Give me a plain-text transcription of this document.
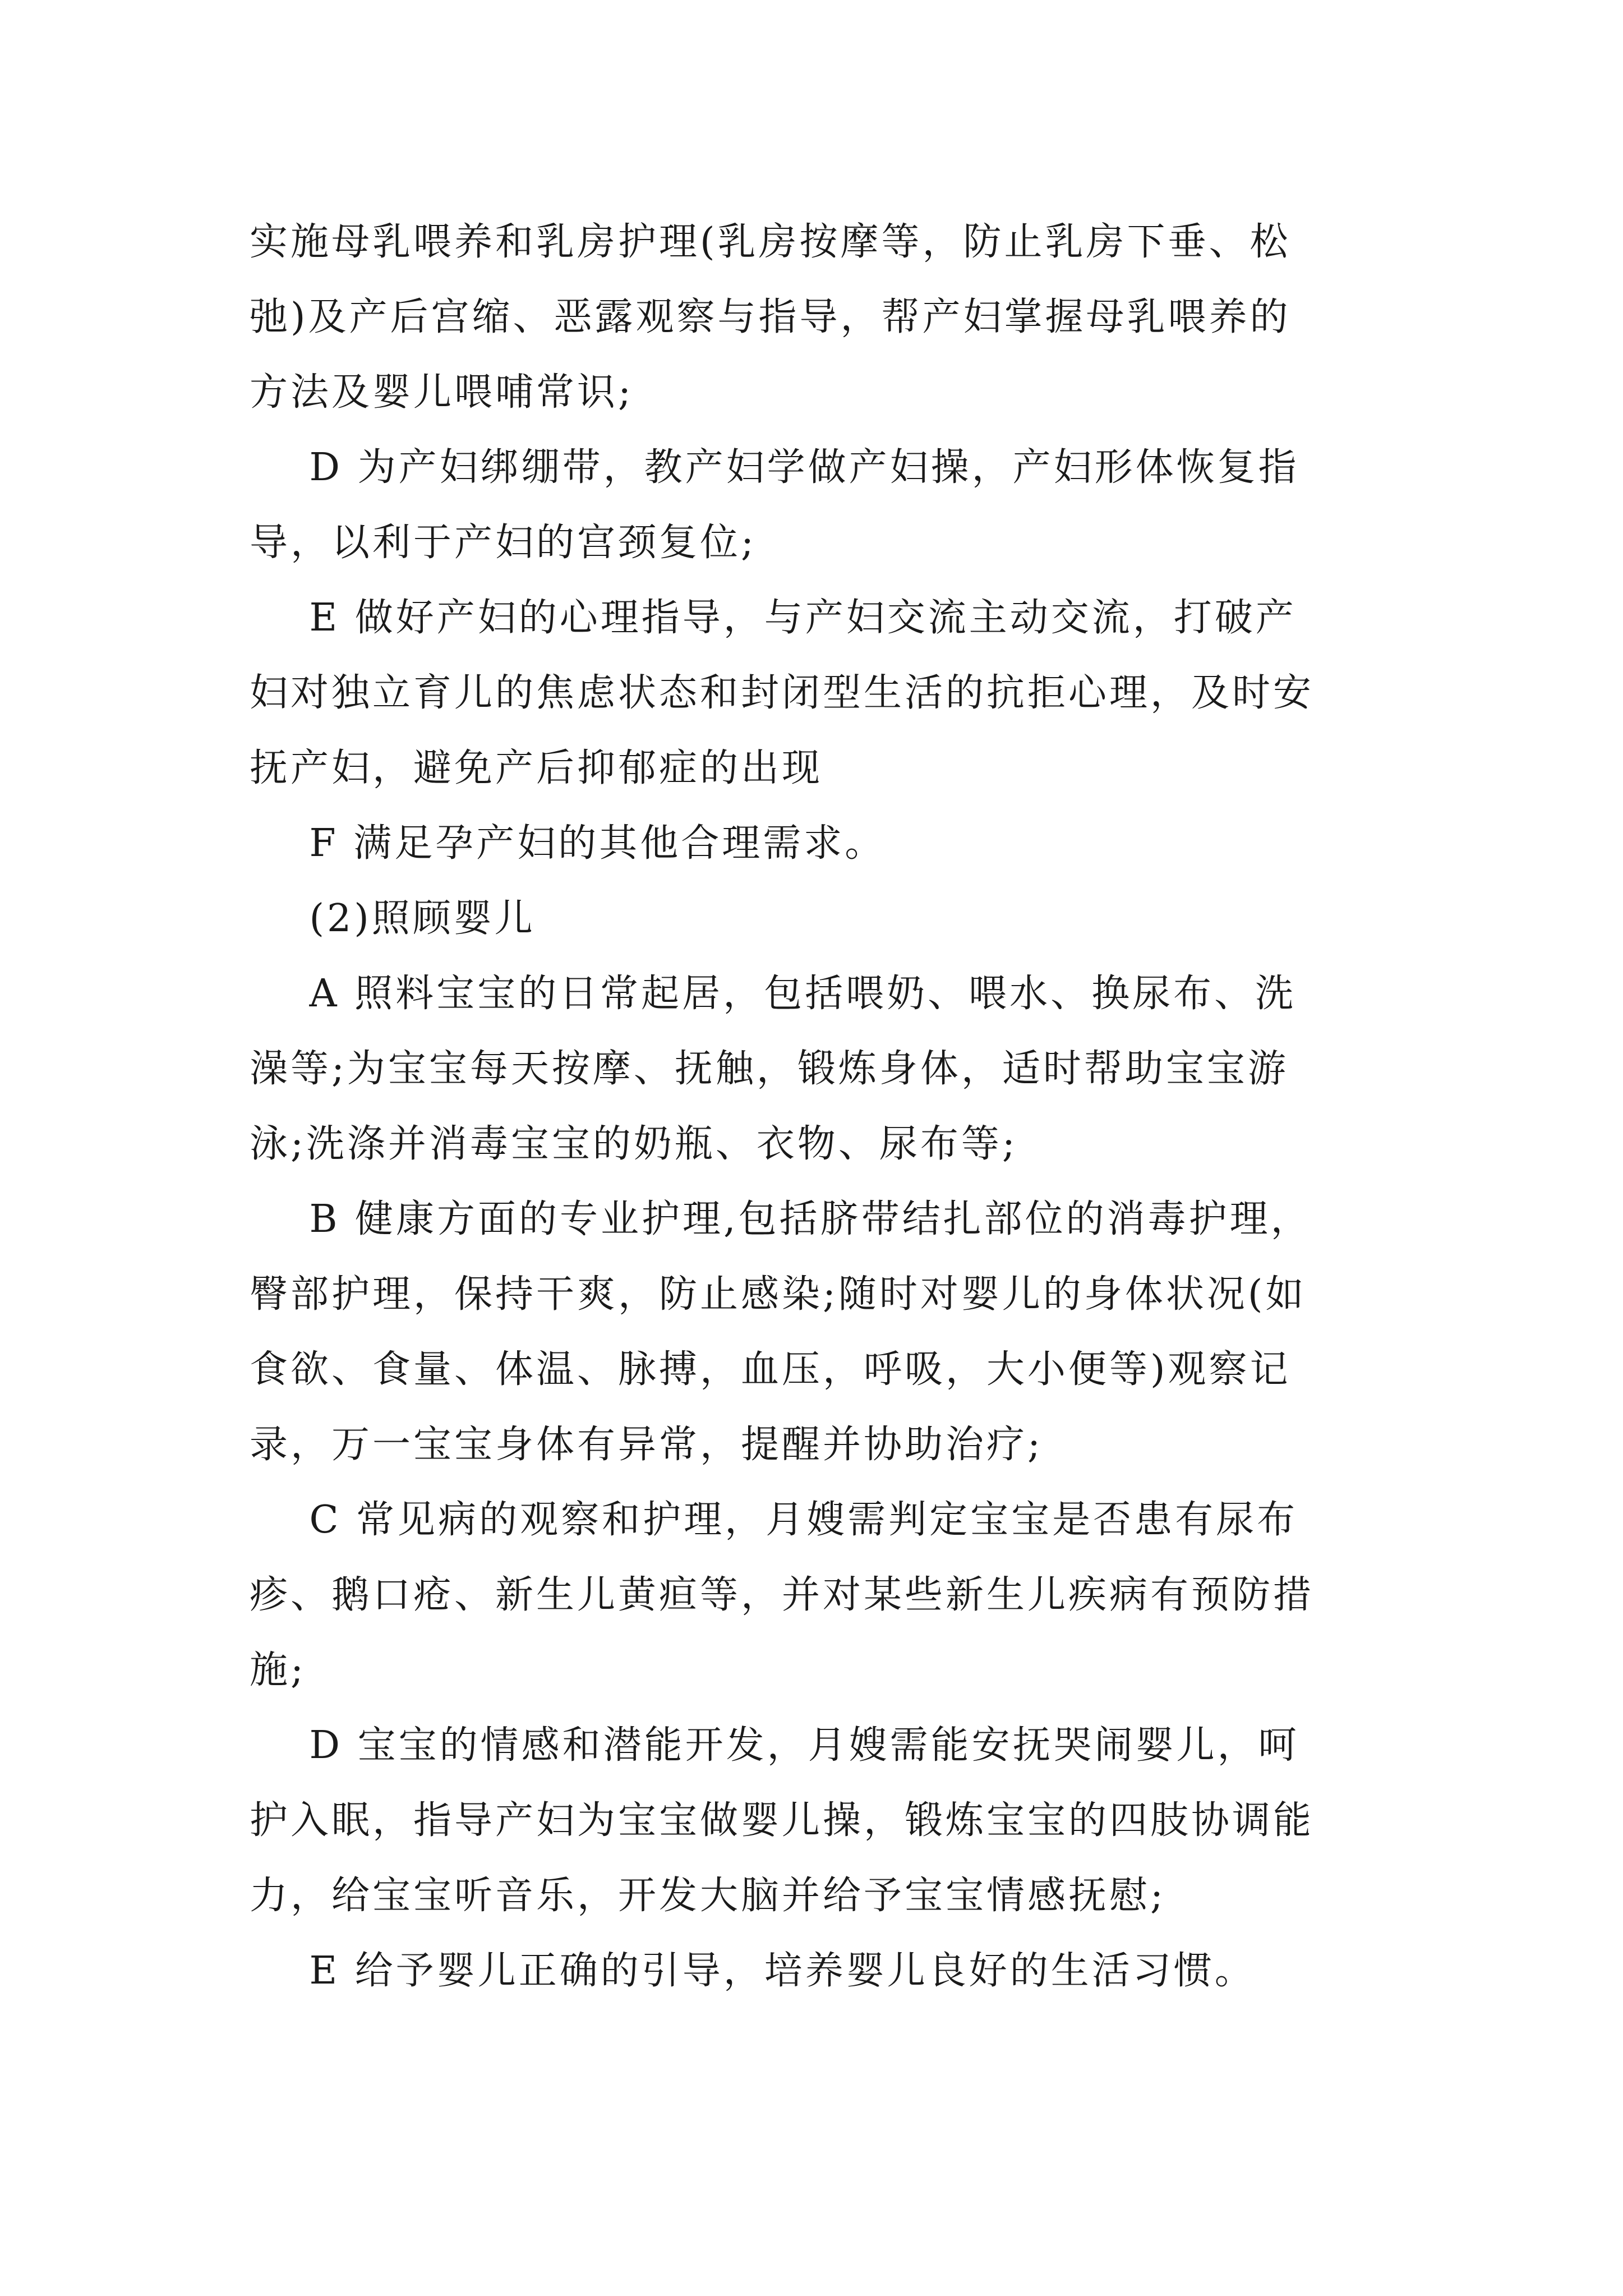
实施母乳喂养和乳房护理(乳房按摩等，防止乳房下垂、松
弛)及产后宫缩、恶露观察与指导，帮产妇掌握母乳喂养的
方法及婴儿喂哺常识;
D 为产妇绑绷带，教产妇学做产妇操，产妇形体恢复指
导，以利于产妇的宫颈复位;
E 做好产妇的心理指导，与产妇交流主动交流，打破产
妇对独立育儿的焦虑状态和封闭型生活的抗拒心理，及时安
抚产妇，避免产后抑郁症的出现
F 满足孕产妇的其他合理需求。
(2)照顾婴儿
A 照料宝宝的日常起居，包括喂奶、喂水、换尿布、洗
澡等;为宝宝每天按摩、抚触，锻炼身体，适时帮助宝宝游
泳;洗涤并消毒宝宝的奶瓶、衣物、尿布等;
B 健康方面的专业护理,包括脐带结扎部位的消毒护理，
臀部护理，保持干爽，防止感染;随时对婴儿的身体状况(如
食欲、食量、体温、脉搏，血压，呼吸，大小便等)观察记
录，万一宝宝身体有异常，提醒并协助治疗;
C 常见病的观察和护理，月嫂需判定宝宝是否患有尿布
疹、鹅口疮、新生儿黄疸等，并对某些新生儿疾病有预防措
施;
D 宝宝的情感和潜能开发，月嫂需能安抚哭闹婴儿，呵
护入眠，指导产妇为宝宝做婴儿操，锻炼宝宝的四肢协调能
力，给宝宝听音乐，开发大脑并给予宝宝情感抚慰;
E 给予婴儿正确的引导，培养婴儿良好的生活习惯。
